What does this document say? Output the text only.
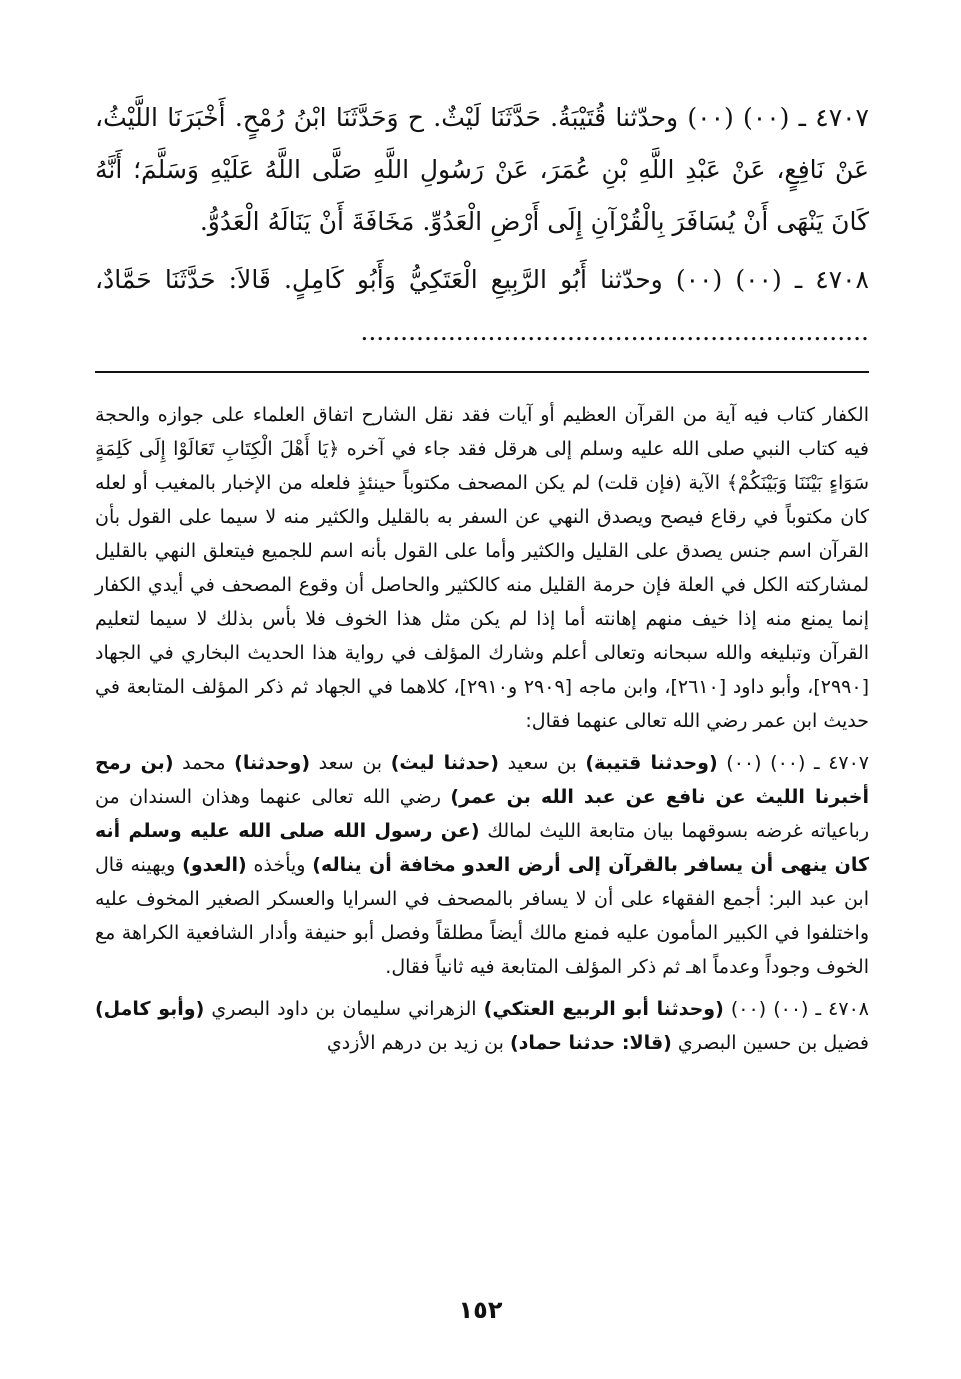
٤٧٠٧ ـ (٠٠) (٠٠) وحدّثنا قُتَيْبَةُ. حَدَّثَنَا لَيْثٌ. ح وَحَدَّثَنَا ابْنُ رُمْحٍ. أَخْبَرَنَا اللَّيْثُ، عَنْ نَافِعٍ، عَنْ عَبْدِ اللَّهِ بْنِ عُمَرَ، عَنْ رَسُولِ اللَّهِ صَلَّى اللَّهُ عَلَيْهِ وَسَلَّمَ؛ أَنَّهُ كَانَ يَنْهَى أَنْ يُسَافَرَ بِالْقُرْآنِ إِلَى أَرْضِ الْعَدُوِّ. مَخَافَةَ أَنْ يَنَالَهُ الْعَدُوُّ.

٤٧٠٨ ـ (٠٠) (٠٠) وحدّثنا أَبُو الرَّبِيعِ الْعَتَكِيُّ وَأَبُو كَامِلٍ. قَالاَ: حَدَّثَنَا حَمَّادٌ، ................................................................

الكفار كتاب فيه آية من القرآن العظيم أو آيات فقد نقل الشارح اتفاق العلماء على جوازه والحجة فيه كتاب النبي صلى الله عليه وسلم إلى هرقل فقد جاء في آخره ﴿يَا أَهْلَ الْكِتَابِ تَعَالَوْا إِلَى كَلِمَةٍ سَوَاءٍ بَيْنَنَا وَبَيْنَكُمْ﴾ الآية (فإن قلت) لم يكن المصحف مكتوباً حينئذٍ فلعله من الإخبار بالمغيب أو لعله كان مكتوباً في رقاع فيصح ويصدق النهي عن السفر به بالقليل والكثير منه لا سيما على القول بأن القرآن اسم جنس يصدق على القليل والكثير وأما على القول بأنه اسم للجميع فيتعلق النهي بالقليل لمشاركته الكل في العلة فإن حرمة القليل منه كالكثير والحاصل أن وقوع المصحف في أيدي الكفار إنما يمنع منه إذا خيف منهم إهانته أما إذا لم يكن مثل هذا الخوف فلا بأس بذلك لا سيما لتعليم القرآن وتبليغه والله سبحانه وتعالى أعلم وشارك المؤلف في رواية هذا الحديث البخاري في الجهاد [٢٩٩٠]، وأبو داود [٢٦١٠]، وابن ماجه [٢٩٠٩ و٢٩١٠]، كلاهما في الجهاد ثم ذكر المؤلف المتابعة في حديث ابن عمر رضي الله تعالى عنهما فقال:

٤٧٠٧ ـ (٠٠) (٠٠) (وحدثنا قتيبة) بن سعيد (حدثنا ليث) بن سعد (وحدثنا) محمد (بن رمح أخبرنا الليث عن نافع عن عبد الله بن عمر) رضي الله تعالى عنهما وهذان السندان من رباعياته غرضه بسوقهما بيان متابعة الليث لمالك (عن رسول الله صلى الله عليه وسلم أنه كان ينهى أن يسافر بالقرآن إلى أرض العدو مخافة أن يناله) ويأخذه (العدو) ويهينه قال ابن عبد البر: أجمع الفقهاء على أن لا يسافر بالمصحف في السرايا والعسكر الصغير المخوف عليه واختلفوا في الكبير المأمون عليه فمنع مالك أيضاً مطلقاً وفصل أبو حنيفة وأدار الشافعية الكراهة مع الخوف وجوداً وعدماً اهـ ثم ذكر المؤلف المتابعة فيه ثانياً فقال.

٤٧٠٨ ـ (٠٠) (٠٠) (وحدثنا أبو الربيع العتكي) الزهراني سليمان بن داود البصري (وأبو كامل) فضيل بن حسين البصري (قالا: حدثنا حماد) بن زيد بن درهم الأزدي

١٥٢
